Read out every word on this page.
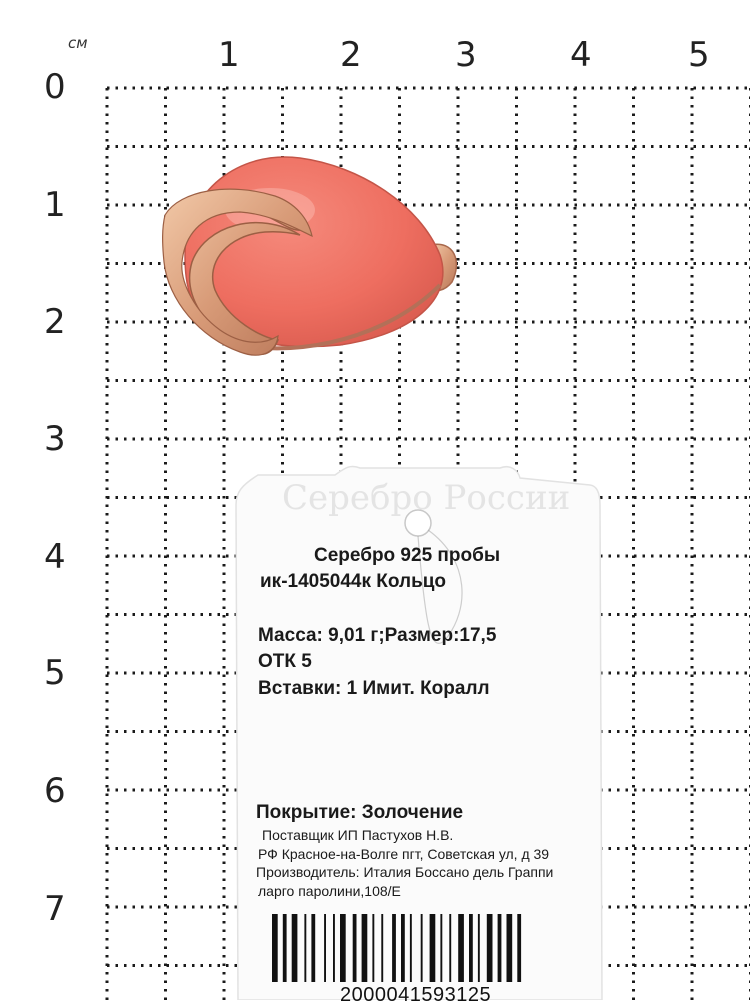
см	1	2	3	4	5
0
1
2
3
4
5
6
7
Серебро России
Серебро 925 пробы
ик-1405044к Кольцо
Масса: 9,01 г;Размер:17,5
ОТК 5
Вставки: 1 Имит. Коралл
Покрытие: Золочение
Поставщик ИП Пастухов Н.В.
РФ Красное-на-Волге пгт, Советская ул, д 39
Производитель: Италия Боссано дель Граппи
ларго паролини,108/Е
2000041593125
